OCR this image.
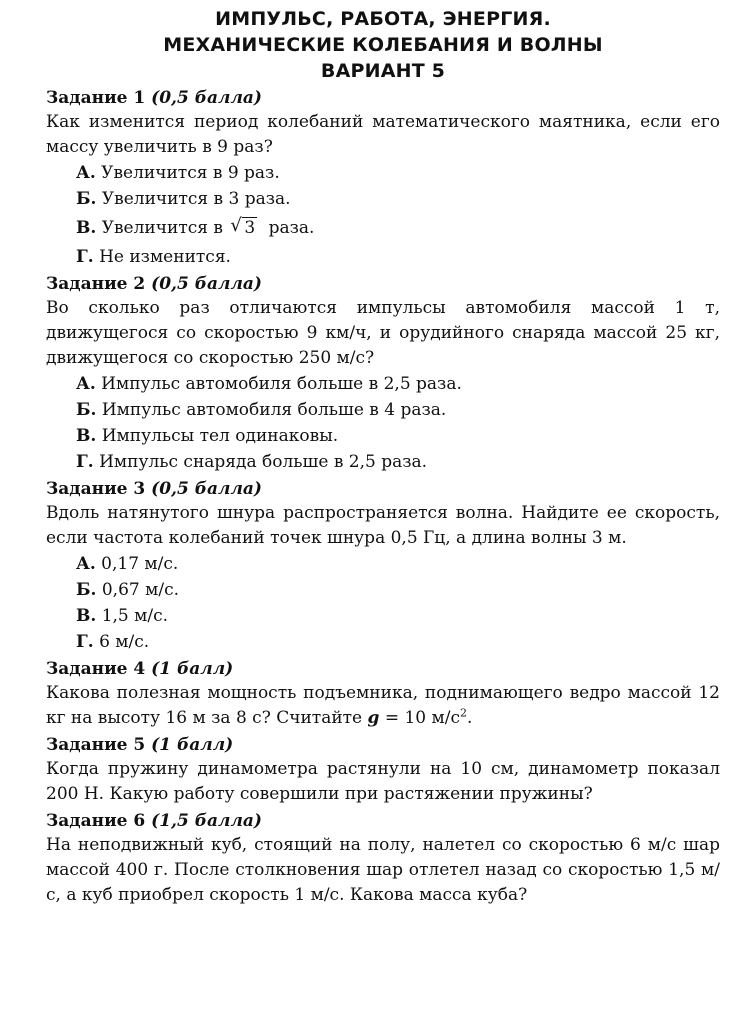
ИМПУЛЬС, РАБОТА, ЭНЕРГИЯ.
МЕХАНИЧЕСКИЕ КОЛЕБАНИЯ И ВОЛНЫ
ВАРИАНТ 5
Задание 1 (0,5 балла)
Как изменится период колебаний математического маятника, если его массу увеличить в 9 раз?
А. Увеличится в 9 раз.
Б. Увеличится в 3 раза.
В. Увеличится в √ 3 раза.
Г. Не изменится.
Задание 2 (0,5 балла)
Во сколько раз отличаются импульсы автомобиля массой 1 т, движущегося со скоростью 9 км/ч, и орудийного снаряда массой 25 кг, движущегося со скоростью 250 м/с?
А. Импульс автомобиля больше в 2,5 раза.
Б. Импульс автомобиля больше в 4 раза.
В. Импульсы тел одинаковы.
Г. Импульс снаряда больше в 2,5 раза.
Задание 3 (0,5 балла)
Вдоль натянутого шнура распространяется волна. Найдите ее скорость, если частота колебаний точек шнура 0,5 Гц, а длина волны 3 м.
А. 0,17 м/с.
Б. 0,67 м/с.
В. 1,5 м/с.
Г. 6 м/с.
Задание 4 (1 балл)
Какова полезная мощность подъемника, поднимающего ведро массой 12 кг на высоту 16 м за 8 с? Считайте g = 10 $м/с^2$.
Задание 5 (1 балл)
Когда пружину динамометра растянули на 10 см, динамометр показал 200 Н. Какую работу совершили при растяжении пружины?
Задание 6 (1,5 балла)
На неподвижный куб, стоящий на полу, налетел со скоростью 6 м/с шар массой 400 г. После столкновения шар отлетел назад со скоростью 1,5 м/с, а куб приобрел скорость 1 м/с. Какова масса куба?
